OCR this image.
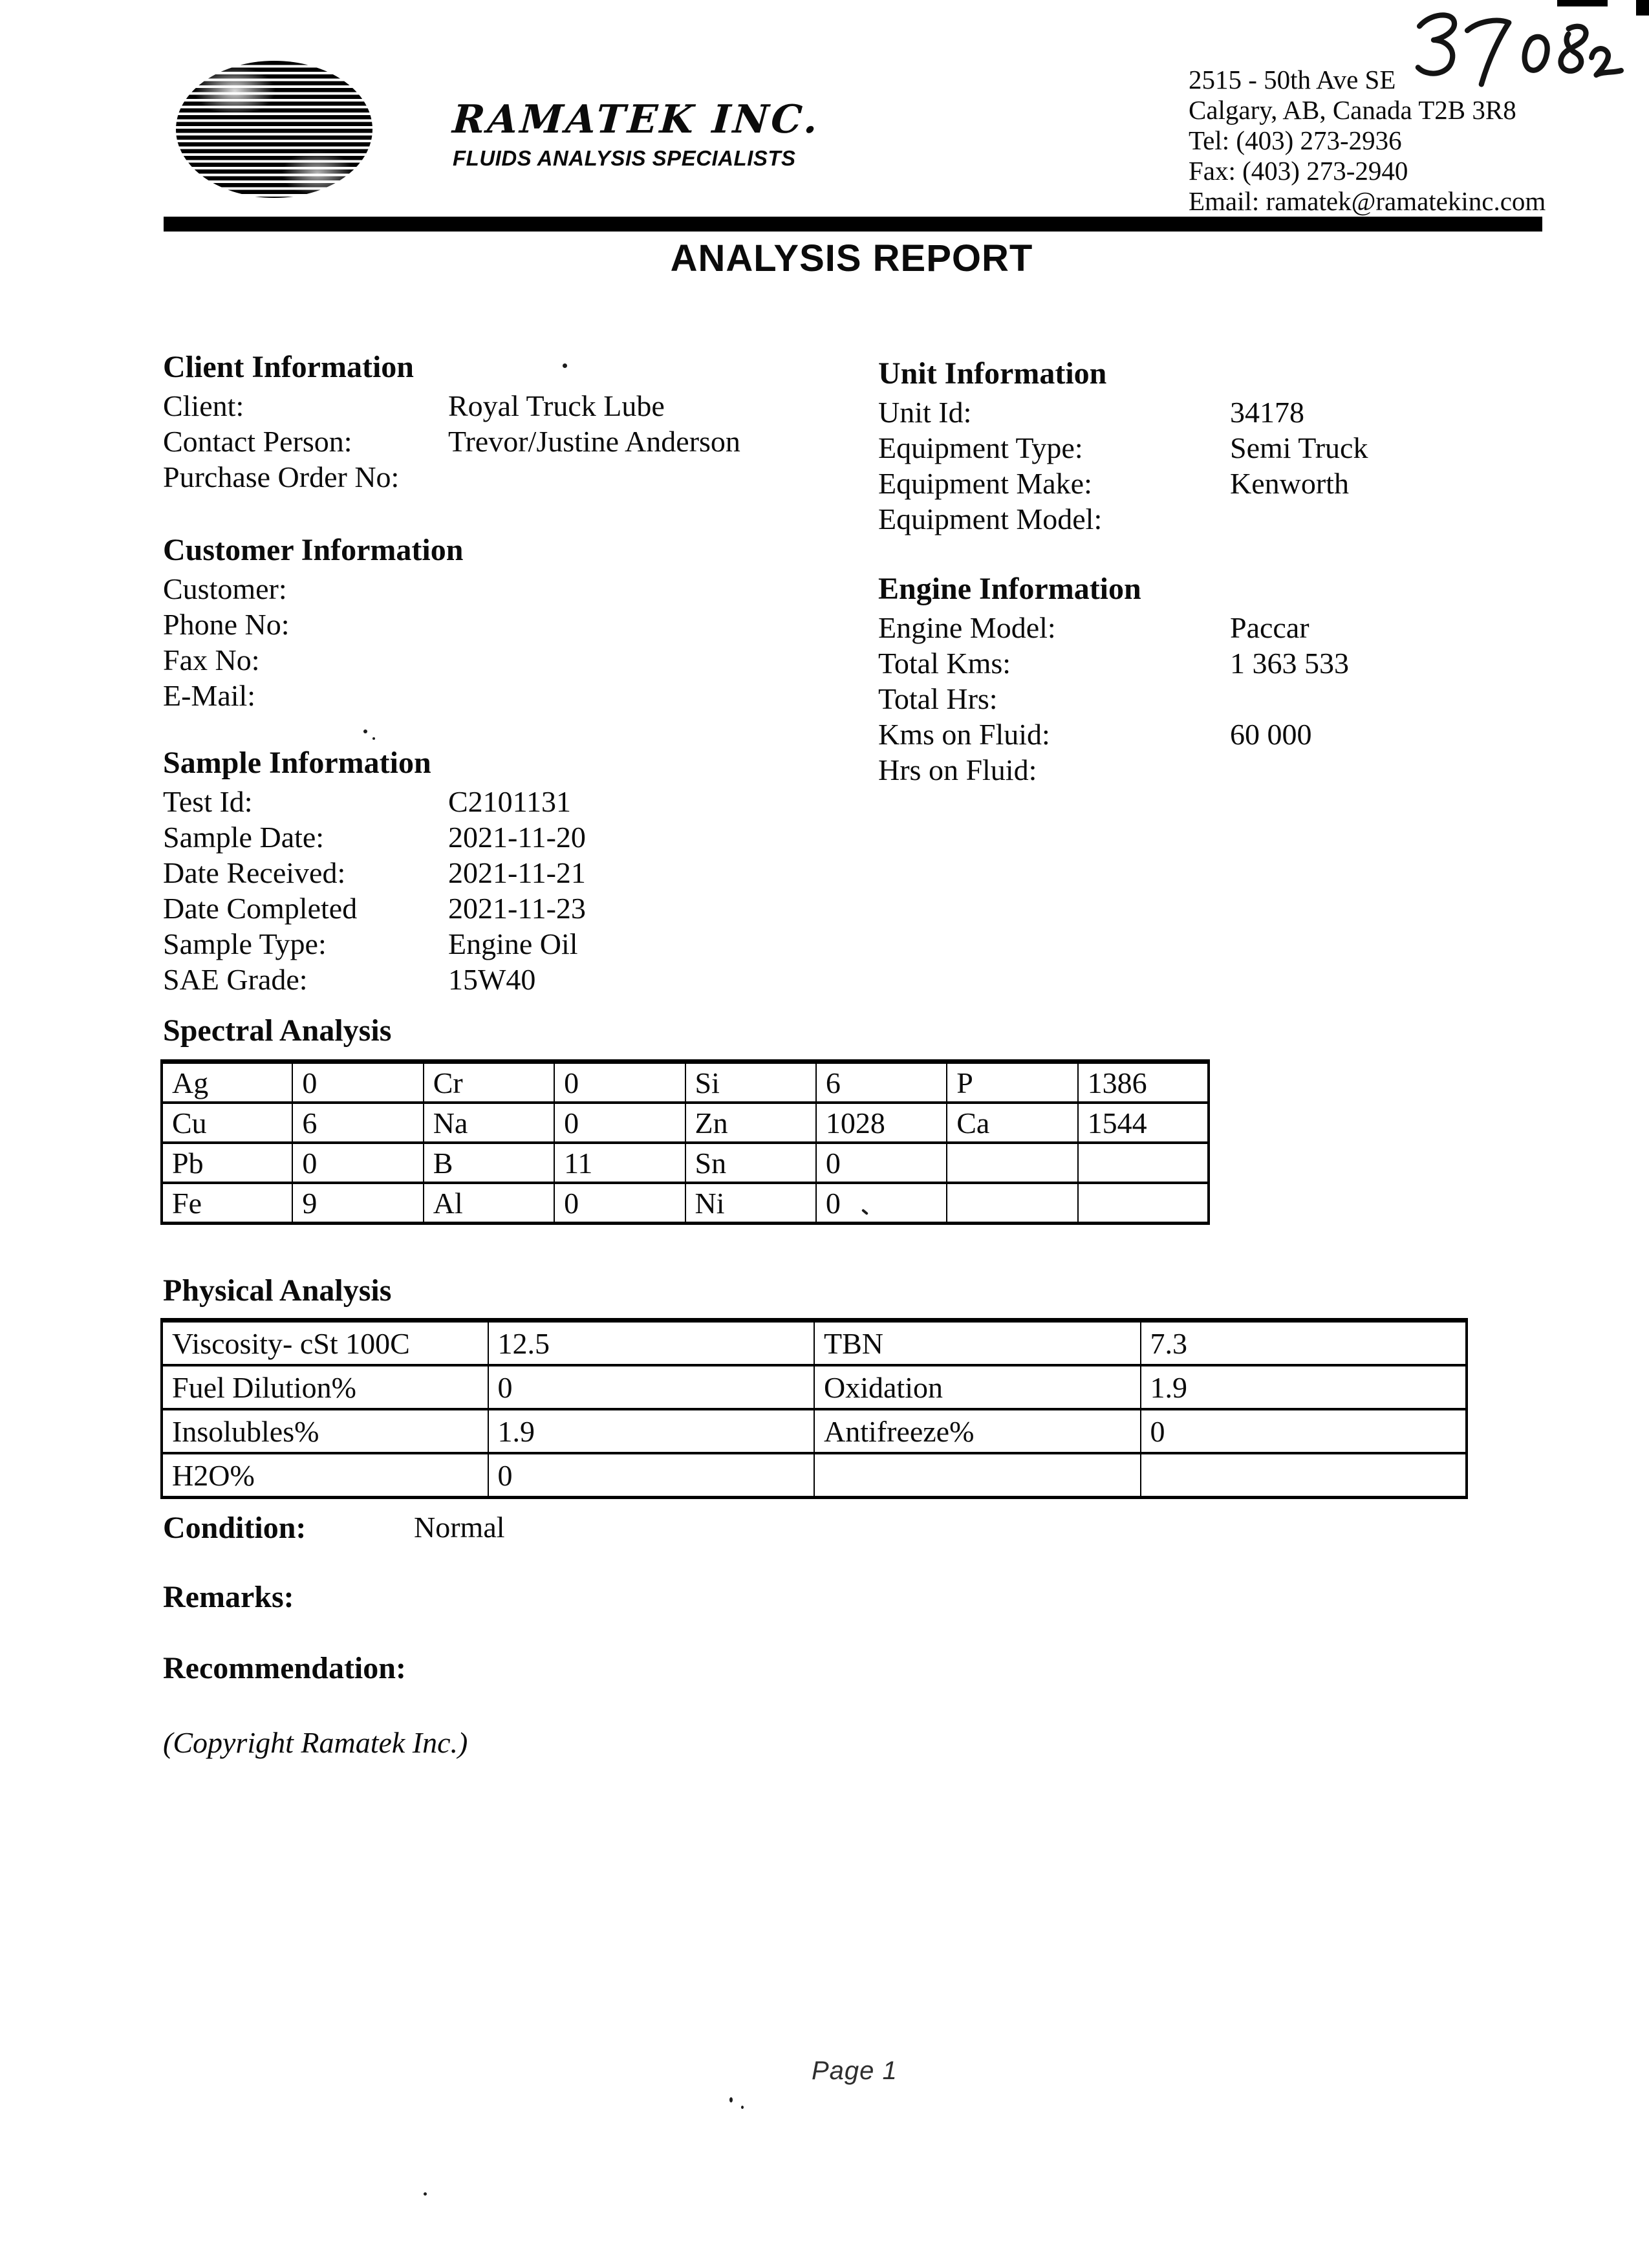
RAMATEK INC.
FLUIDS ANALYSIS SPECIALISTS
2515 - 50th Ave SE
Calgary, AB, Canada T2B 3R8
Tel: (403) 273-2936
Fax: (403) 273-2940
Email: ramatek@ramatekinc.com
ANALYSIS REPORT
Client Information
Client:	Royal Truck Lube
Contact Person:	Trevor/Justine Anderson
Purchase Order No:
Customer Information
Customer:
Phone No:
Fax No:
E-Mail:
Sample Information
Test Id:	C2101131
Sample Date:	2021-11-20
Date Received:	2021-11-21
Date Completed	2021-11-23
Sample Type:	Engine Oil
SAE Grade:	15W40
Unit Information
Unit Id:	34178
Equipment Type:	Semi Truck
Equipment Make:	Kenworth
Equipment Model:
Engine Information
Engine Model:	Paccar
Total Kms:	1 363 533
Total Hrs:
Kms on Fluid:	60 000
Hrs on Fluid:
Spectral Analysis
Ag	0	Cr	0	Si	6	P	1386
Cu	6	Na	0	Zn	1028	Ca	1544
Pb	0	B	11	Sn	0		
Fe	9	Al	0	Ni	0		
Physical Analysis
Viscosity- cSt 100C	12.5	TBN	7.3
Fuel Dilution%	0	Oxidation	1.9
Insolubles%	1.9	Antifreeze%	0
H2O%	0		
Condition:	Normal
Remarks:
Recommendation:
(Copyright Ramatek Inc.)
Page 1
